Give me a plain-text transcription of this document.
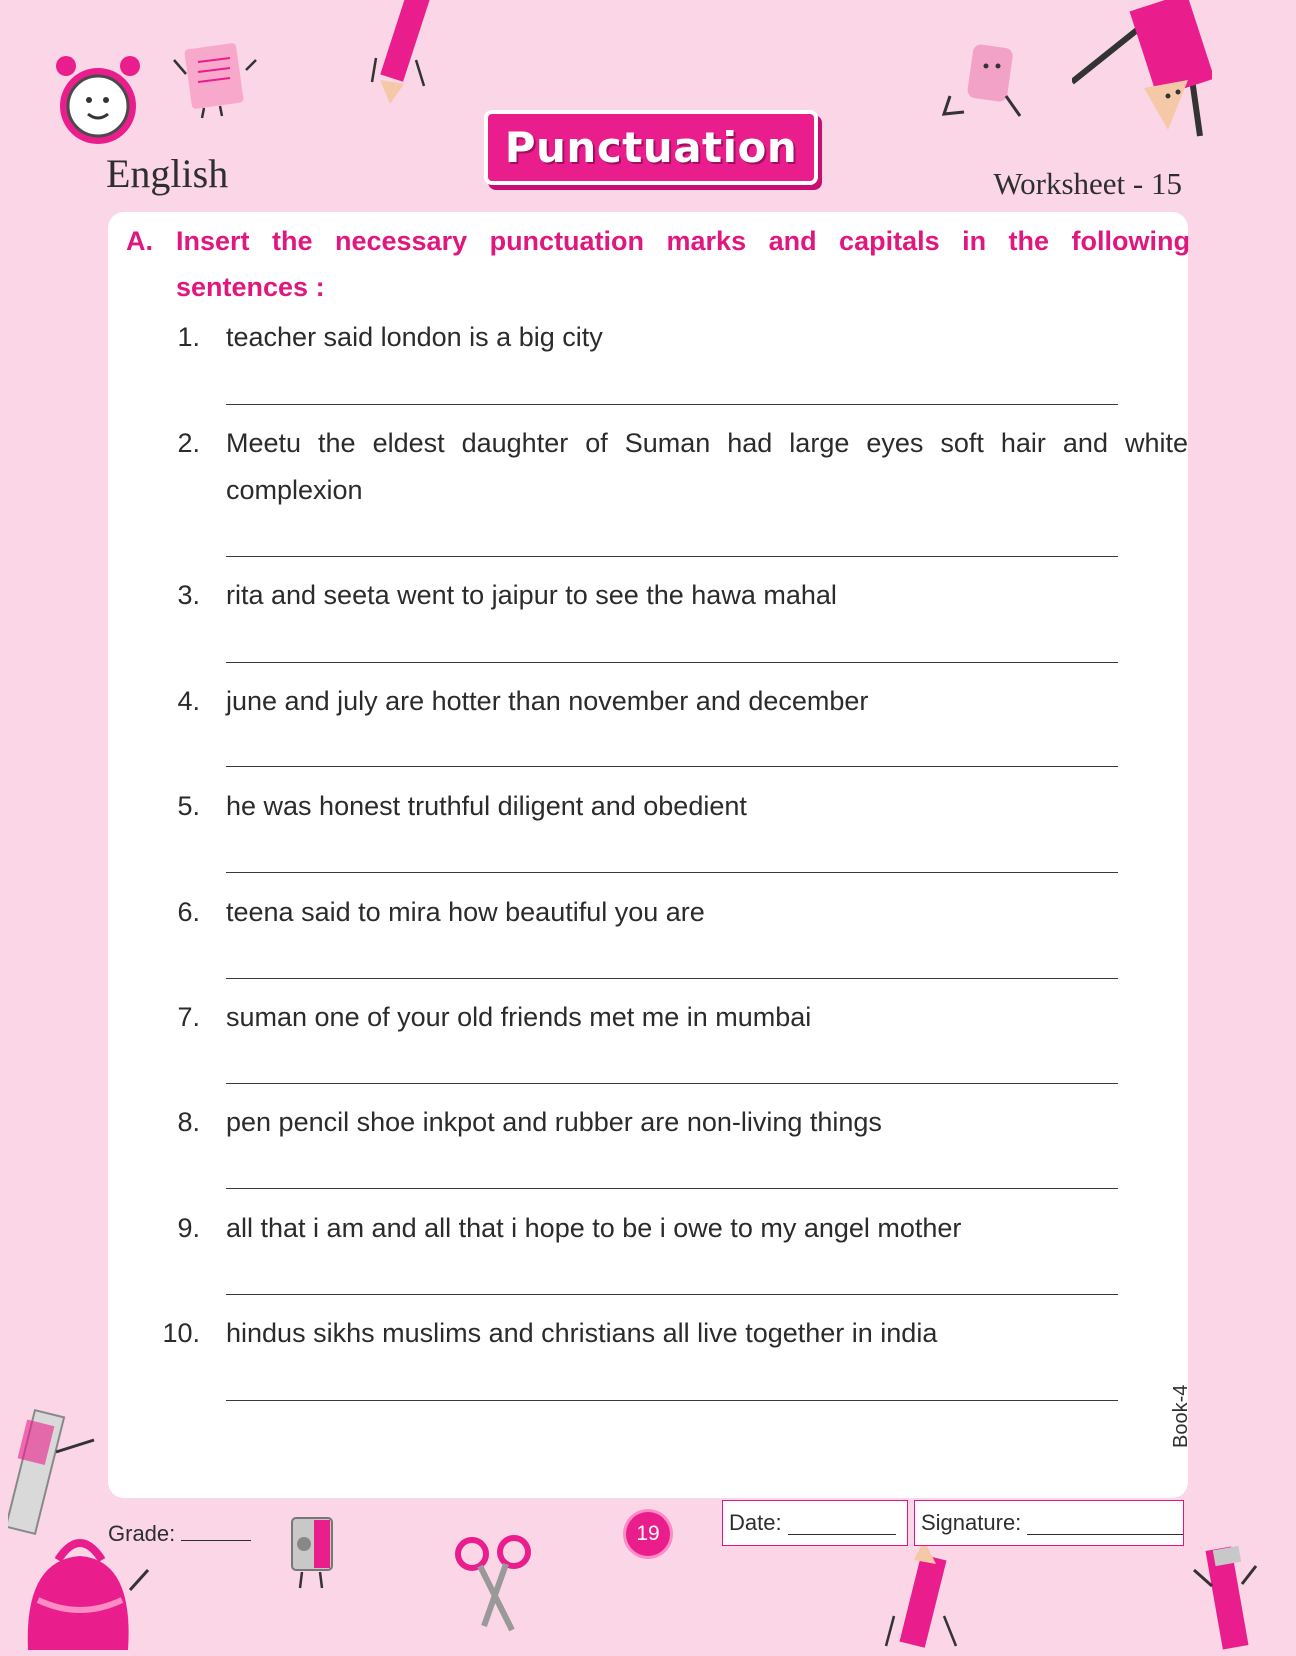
English
Punctuation
Worksheet - 15
A. Insert the necessary punctuation marks and capitals in the following
sentences :
1. teacher said london is a big city
2. Meetu the eldest daughter of Suman had large eyes soft hair and white
complexion
3. rita and seeta went to jaipur to see the hawa mahal
4. june and july are hotter than november and december
5. he was honest truthful diligent and obedient
6. teena said to mira how beautiful you are
7. suman one of your old friends met me in mumbai
8. pen pencil shoe inkpot and rubber are non-living things
9. all that i am and all that i hope to be i owe to my angel mother
10. hindus sikhs muslims and christians all live together in india
Book-4
Grade:	19	Date:	Signature:
